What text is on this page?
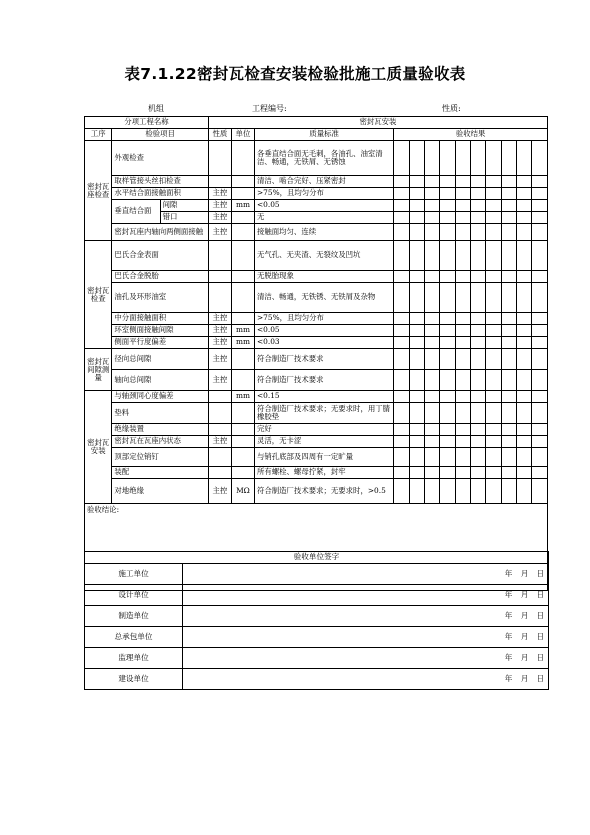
表7.1.22密封瓦检查安装检验批施工质量验收表
机组	工程编号:	性质:
分项工程名称			密封瓦安装												
工序	检验项目		性质	单位	质量标准	验收结果									
密封瓦座检查	外观检查				各垂直结合面无毛刺，各油孔、油室清洁、畅通，无铁屑、无锈蚀										
	取样管接头丝扣检查				清洁、啮合完好、压紧密封										
	水平结合面接触面积		主控		>75%，且均匀分布										
	垂直结合面	间隙	主控	mm	<0.05										
		错口	主控		无										
	密封瓦座内轴向两侧面接触		主控		接触面均匀、连续										
密封瓦检查	巴氏合金表面				无气孔、无夹渣、无裂纹及凹坑										
	巴氏合金脱胎				无脱胎现象										
	油孔及环形油室				清洁、畅通，无铁锈、无铁屑及杂物										
	中分面接触面积		主控		>75%，且均匀分布										
	环室侧面接触间隙		主控	mm	<0.05										
	侧面平行度偏差		主控	mm	<0.03										
密封瓦间隙测量	径向总间隙		主控		符合制造厂技术要求										
	轴向总间隙		主控		符合制造厂技术要求										
密封瓦安装	与轴颈同心度偏差			mm	<0.15										
	垫料				符合制造厂技术要求；无要求时，用丁腈橡胶垫										
	绝缘装置				完好										
	密封瓦在瓦座内状态		主控		灵活，无卡涩										
	顶部定位销钉				与销孔底部及四周有一定旷量										
	装配				所有螺栓、螺母拧紧，封牢										
	对地绝缘		主控	MΩ	符合制造厂技术要求；无要求时，>0.5										
验收结论:															
验收单位签字				
施工单位		年	月	日
设计单位		年	月	日
制造单位		年	月	日
总承包单位		年	月	日
监理单位		年	月	日
建设单位		年	月	日
